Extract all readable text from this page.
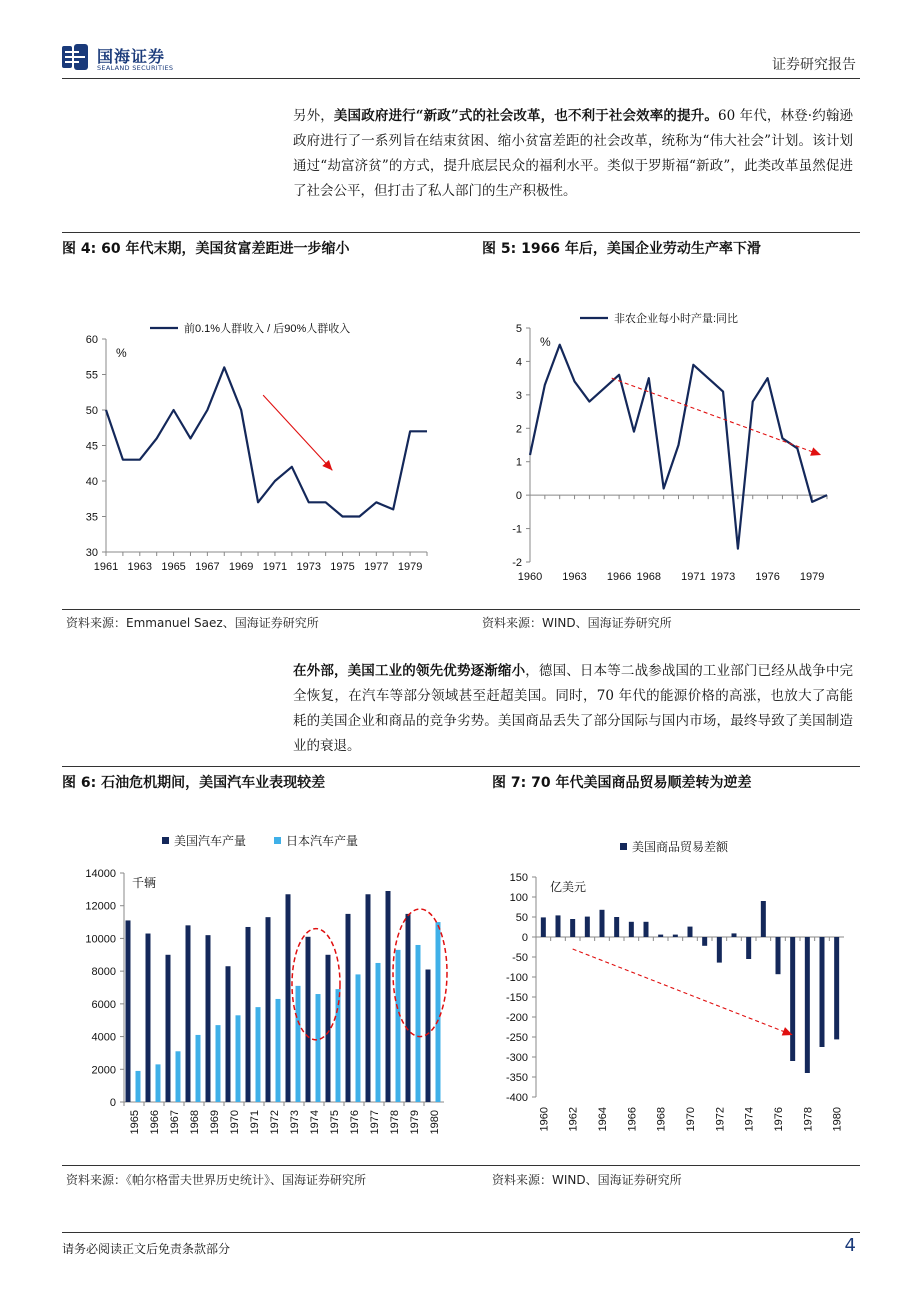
国海证券
SEALAND SECURITIES	证券研究报告
另外，美国政府进行“新政”式的社会改革，也不利于社会效率的提升。60 年代，林登·约翰逊政府进行了一系列旨在结束贫困、缩小贫富差距的社会改革，统称为“伟大社会”计划。该计划通过“劫富济贫”的方式，提升底层民众的福利水平。类似于罗斯福“新政”，此类改革虽然促进了社会公平，但打击了私人部门的生产积极性。
图 4: 60 年代末期，美国贫富差距进一步缩小	图 5: 1966 年后，美国企业劳动生产率下滑
30
35
40
45
50
55
60
1961 1963 1965 1967 1969 1971 1973 1975 1977 1979
%
前0.1%人群收入 / 后90%人群收入
-2
-1
0
1
2
3
4
5
1960 1963 1966 1968 1971 1973 1976 1979
%
非农企业每小时产量:同比
资料来源：Emmanuel Saez、国海证券研究所	资料来源：WIND、国海证券研究所
在外部，美国工业的领先优势逐渐缩小，德国、日本等二战参战国的工业部门已经从战争中完全恢复，在汽车等部分领域甚至赶超美国。同时，70 年代的能源价格的高涨，也放大了高能耗的美国企业和商品的竞争劣势。美国商品丢失了部分国际与国内市场，最终导致了美国制造业的衰退。
图 6: 石油危机期间，美国汽车业表现较差	图 7: 70 年代美国商品贸易顺差转为逆差
0
2000
4000
6000
8000
10000
12000
14000
千辆
1965 1966 1967 1968 1969 1970 1971 1972 1973 1974 1975 1976 1977 1978 1979 1980
美国汽车产量	日本汽车产量
-400
-350
-300
-250
-200
-150
-100
-50
0
50
100
150
亿美元
1960 1962 1964 1966 1968 1970 1972 1974 1976 1978 1980
美国商品贸易差额
资料来源：《帕尔格雷夫世界历史统计》、国海证券研究所	资料来源：WIND、国海证券研究所
请务必阅读正文后免责条款部分	4
